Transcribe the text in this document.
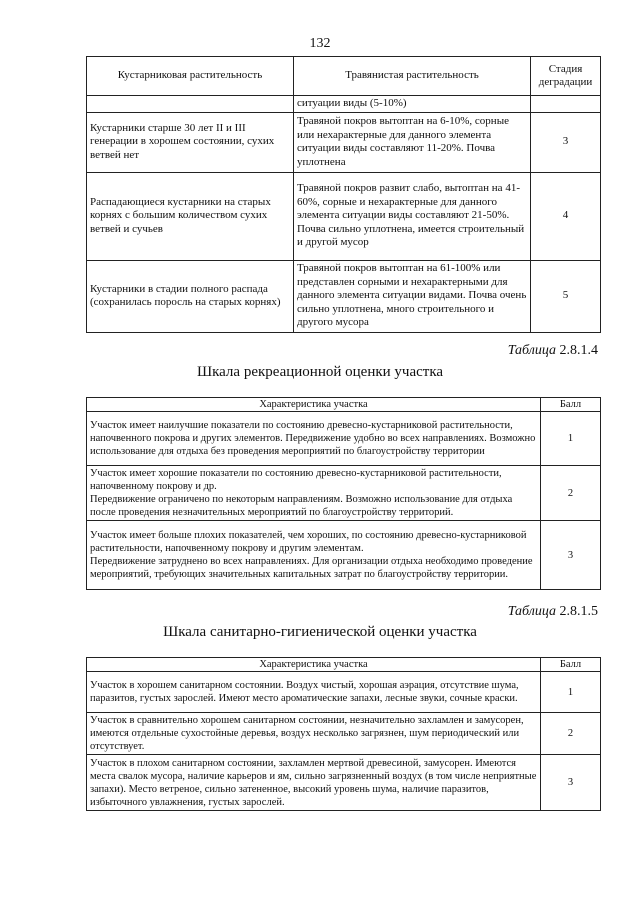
132
Кустарниковая растительность	Травянистая растительность	Стадия
деградации
	ситуации виды (5-10%)	
Кустарники старше 30 лет II и III генерации в хорошем состоянии, сухих ветвей нет	Травяной покров вытоптан на 6-10%, сорные или нехарактерные для данного элемента ситуации виды составляют 11-20%. Почва уплотнена	3
Распадающиеся кустарники на старых корнях с большим количеством сухих ветвей и сучьев	Травяной покров развит слабо, вытоптан на 41-60%, сорные и нехарактерные для данного элемента ситуации виды составляют 21-50%.
Почва сильно уплотнена, имеется строительный и другой мусор	4
Кустарники в стадии полного распада (сохранилась поросль на старых корнях)	Травяной покров вытоптан на 61-100% или представлен сорными и нехарактерными для данного элемента ситуации видами. Почва очень сильно уплотнена, много строительного и другого мусора	5
Таблица 2.8.1.4
Шкала рекреационной оценки участка
Характеристика участка	Балл
Участок имеет наилучшие показатели по состоянию древесно-кустарниковой растительности, напочвенного покрова и других элементов. Передвижение удобно во всех направлениях. Возможно использование для отдыха без проведения мероприятий по благоустройству территории	1
Участок имеет хорошие показатели по состоянию древесно-кустарниковой растительности, напочвенному покрову и др.
Передвижение ограничено по некоторым направлениям. Возможно использование для отдыха после проведения незначительных мероприятий по благоустройству территорий.	2
Участок имеет больше плохих показателей, чем хороших, по состоянию древесно-кустарниковой растительности, напочвенному покрову и другим элементам.
Передвижение затруднено во всех направлениях. Для организации отдыха необходимо проведение мероприятий, требующих значительных капитальных затрат по благоустройству территории.	3
Таблица 2.8.1.5
Шкала санитарно-гигиенической оценки участка
Характеристика участка	Балл
Участок в хорошем санитарном состоянии. Воздух чистый, хорошая аэрация, отсутствие шума, паразитов, густых зарослей. Имеют место ароматические запахи, лесные звуки, сочные краски.	1
Участок в сравнительно хорошем санитарном состоянии, незначительно захламлен и замусорен, имеются отдельные сухостойные деревья, воздух несколько загрязнен, шум периодический или отсутствует.	2
Участок в плохом санитарном состоянии, захламлен мертвой древесиной, замусорен. Имеются места свалок мусора, наличие карьеров и ям, сильно загрязненный воздух (в том числе неприятные запахи). Место ветреное, сильно затененное, высокий уровень шума, наличие паразитов, избыточного увлажнения, густых зарослей.	3
